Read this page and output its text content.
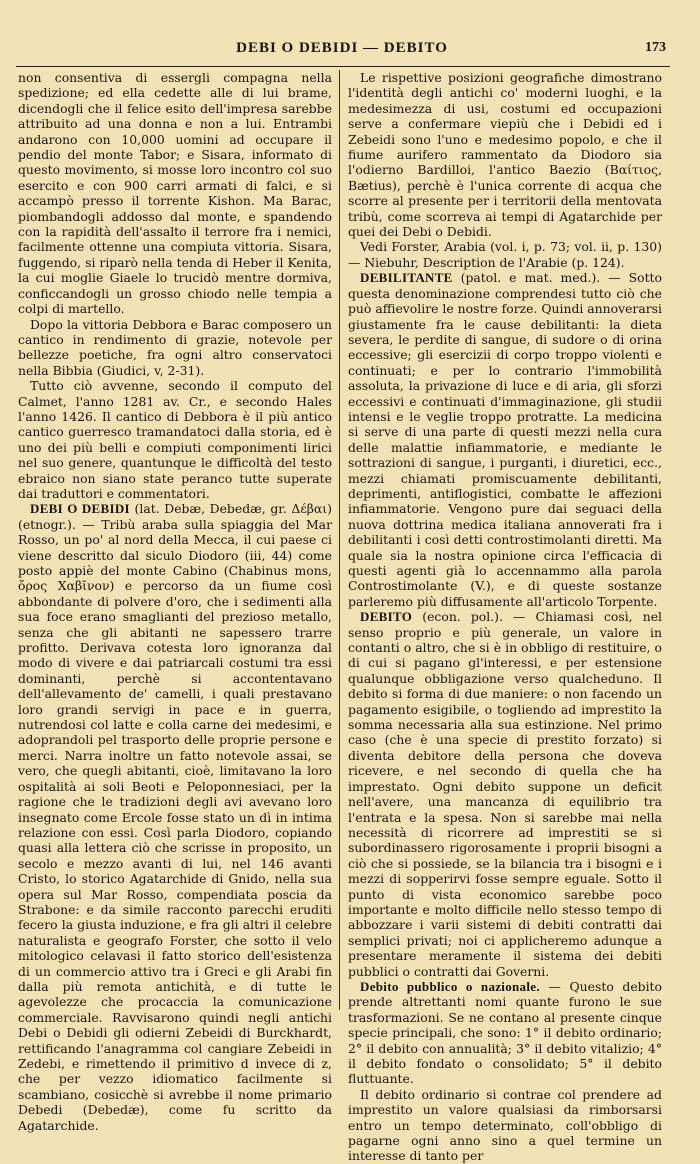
DEBI O DEBIDI — DEBITO	173

non consentiva di essergli compagna nella spedizione; ed ella cedette alle di lui brame, dicendogli che il felice esito dell'impresa sarebbe attribuito ad una donna e non a lui. Entrambi andarono con 10,000 uomini ad occupare il pendio del monte Tabor; e Sisara, informato di questo movimento, si mosse loro incontro col suo esercito e con 900 carri armati di falci, e si accampò presso il torrente Kishon. Ma Barac, piombandogli addosso dal monte, e spandendo con la rapidità dell'assalto il terrore fra i nemici, facilmente ottenne una compiuta vittoria. Sisara, fuggendo, si riparò nella tenda di Heber il Kenita, la cui moglie Giaele lo trucidò mentre dormiva, conficcandogli un grosso chiodo nelle tempia a colpi di martello.

Dopo la vittoria Debbora e Barac composero un cantico in rendimento di grazie, notevole per bellezze poetiche, fra ogni altro conservatoci nella Bibbia (Giudici, v, 2-31).

Tutto ciò avvenne, secondo il computo del Calmet, l'anno 1281 av. Cr., e secondo Hales l'anno 1426. Il cantico di Debbora è il più antico cantico guerresco tramandatoci dalla storia, ed è uno dei più belli e compiuti componimenti lirici nel suo genere, quantunque le difficoltà del testo ebraico non siano state peranco tutte superate dai traduttori e commentatori.

DEBI O DEBIDI (lat. Debæ, Debedæ, gr. Δέβαι) (etnogr.). — Tribù araba sulla spiaggia del Mar Rosso, un po' al nord della Mecca, il cui paese ci viene descritto dal siculo Diodoro (iii, 44) come posto appiè del monte Cabino (Chabinus mons, ὄρος Χαβῖνον) e percorso da un fiume così abbondante di polvere d'oro, che i sedimenti alla sua foce erano smaglianti del prezioso metallo, senza che gli abitanti ne sapessero trarre profitto. Derivava cotesta loro ignoranza dal modo di vivere e dai patriarcali costumi tra essi dominanti, perchè si accontentavano dell'allevamento de' camelli, i quali prestavano loro grandi servigi in pace e in guerra, nutrendosi col latte e colla carne dei medesimi, e adoprandoli pel trasporto delle proprie persone e merci. Narra inoltre un fatto notevole assai, se vero, che quegli abitanti, cioè, limitavano la loro ospitalità ai soli Beoti e Peloponnesiaci, per la ragione che le tradizioni degli avi avevano loro insegnato come Ercole fosse stato un dì in intima relazione con essi. Così parla Diodoro, copiando quasi alla lettera ciò che scrisse in proposito, un secolo e mezzo avanti di lui, nel 146 avanti Cristo, lo storico Agatarchide di Gnido, nella sua opera sul Mar Rosso, compendiata poscia da Strabone: e da simile racconto parecchi eruditi fecero la giusta induzione, e fra gli altri il celebre naturalista e geografo Forster, che sotto il velo mitologico celavasi il fatto storico dell'esistenza di un commercio attivo tra i Greci e gli Arabi fin dalla più remota antichità, e di tutte le agevolezze che procaccia la comunicazione commerciale. Ravvisarono quindi negli antichi Debi o Debidi gli odierni Zebeidi di Burckhardt, rettificando l'anagramma col cangiare Zebeidi in Zedebi, e rimettendo il primitivo d invece di z, che per vezzo idiomatico facilmente si scambiano, cosicchè si avrebbe il nome primario Debedi (Debedæ), come fu scritto da Agatarchide.

Le rispettive posizioni geografiche dimostrano l'identità degli antichi co' moderni luoghi, e la medesimezza di usi, costumi ed occupazioni serve a confermare viepiù che i Debidi ed i Zebeidi sono l'uno e medesimo popolo, e che il fiume aurifero rammentato da Diodoro sia l'odierno Bardilloi, l'antico Baezio (Βαίτιος, Bætius), perchè è l'unica corrente di acqua che scorre al presente per i territorii della mentovata tribù, come scorreva ai tempi di Agatarchide per quei dei Debi o Debidi.

Vedi Forster, Arabia (vol. i, p. 73; vol. ii, p. 130) — Niebuhr, Description de l'Arabie (p. 124).

DEBILITANTE (patol. e mat. med.). — Sotto questa denominazione comprendesi tutto ciò che può affievolire le nostre forze. Quindi annoverarsi giustamente fra le cause debilitanti: la dieta severa, le perdite di sangue, di sudore o di orina eccessive; gli esercizii di corpo troppo violenti e continuati; e per lo contrario l'immobilità assoluta, la privazione di luce e di aria, gli sforzi eccessivi e continuati d'immaginazione, gli studii intensi e le veglie troppo protratte. La medicina si serve di una parte di questi mezzi nella cura delle malattie infiammatorie, e mediante le sottrazioni di sangue, i purganti, i diuretici, ecc., mezzi chiamati promiscuamente debilitanti, deprimenti, antiflogistici, combatte le affezioni infiammatorie. Vengono pure dai seguaci della nuova dottrina medica italiana annoverati fra i debilitanti i così detti controstimolanti diretti. Ma quale sia la nostra opinione circa l'efficacia di questi agenti già lo accennammo alla parola Controstimolante (V.), e di queste sostanze parleremo più diffusamente all'articolo Torpente.

DEBITO (econ. pol.). — Chiamasi così, nel senso proprio e più generale, un valore in contanti o altro, che si è in obbligo di restituire, o di cui si pagano gl'interessi, e per estensione qualunque obbligazione verso qualcheduno. Il debito si forma di due maniere: o non facendo un pagamento esigibile, o togliendo ad imprestito la somma necessaria alla sua estinzione. Nel primo caso (che è una specie di prestito forzato) si diventa debitore della persona che doveva ricevere, e nel secondo di quella che ha imprestato. Ogni debito suppone un deficit nell'avere, una mancanza di equilibrio tra l'entrata e la spesa. Non si sarebbe mai nella necessità di ricorrere ad imprestiti se si subordinassero rigorosamente i proprii bisogni a ciò che si possiede, se la bilancia tra i bisogni e i mezzi di sopperirvi fosse sempre eguale. Sotto il punto di vista economico sarebbe poco importante e molto difficile nello stesso tempo di abbozzare i varii sistemi di debiti contratti dai semplici privati; noi ci applicheremo adunque a presentare meramente il sistema dei debiti pubblici o contratti dai Governi.

Debito pubblico o nazionale. — Questo debito prende altrettanti nomi quante furono le sue trasformazioni. Se ne contano al presente cinque specie principali, che sono: 1° il debito ordinario; 2° il debito con annualità; 3° il debito vitalizio; 4° il debito fondato o consolidato; 5° il debito fluttuante.

Il debito ordinario si contrae col prendere ad imprestito un valore qualsiasi da rimborsarsi entro un tempo determinato, coll'obbligo di pagarne ogni anno sino a quel termine un interesse di tanto per
